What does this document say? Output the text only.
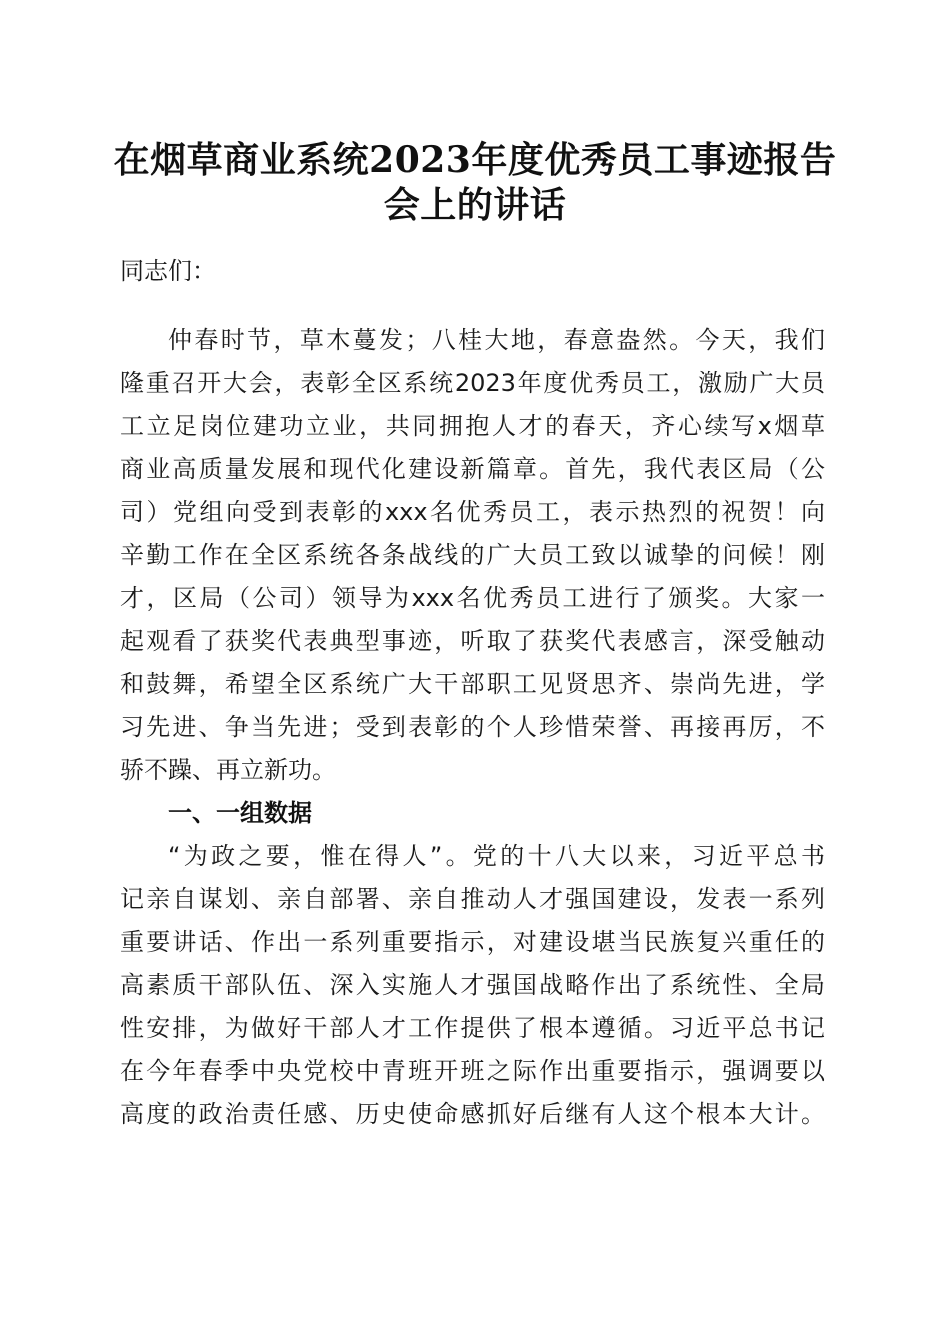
在烟草商业系统2023年度优秀员工事迹报告
会上的讲话
同志们：
仲春时节，草木蔓发；八桂大地，春意盎然。今天，我们
隆重召开大会，表彰全区系统2023年度优秀员工，激励广大员
工立足岗位建功立业，共同拥抱人才的春天，齐心续写x烟草
商业高质量发展和现代化建设新篇章。首先，我代表区局（公
司）党组向受到表彰的xxx名优秀员工，表示热烈的祝贺！向
辛勤工作在全区系统各条战线的广大员工致以诚挚的问候！刚
才，区局（公司）领导为xxx名优秀员工进行了颁奖。大家一
起观看了获奖代表典型事迹，听取了获奖代表感言，深受触动
和鼓舞，希望全区系统广大干部职工见贤思齐、崇尚先进，学
习先进、争当先进；受到表彰的个人珍惜荣誉、再接再厉，不
骄不躁、再立新功。
一、一组数据
“为政之要，惟在得人”。党的十八大以来，习近平总书
记亲自谋划、亲自部署、亲自推动人才强国建设，发表一系列
重要讲话、作出一系列重要指示，对建设堪当民族复兴重任的
高素质干部队伍、深入实施人才强国战略作出了系统性、全局
性安排，为做好干部人才工作提供了根本遵循。习近平总书记
在今年春季中央党校中青班开班之际作出重要指示，强调要以
高度的政治责任感、历史使命感抓好后继有人这个根本大计。
